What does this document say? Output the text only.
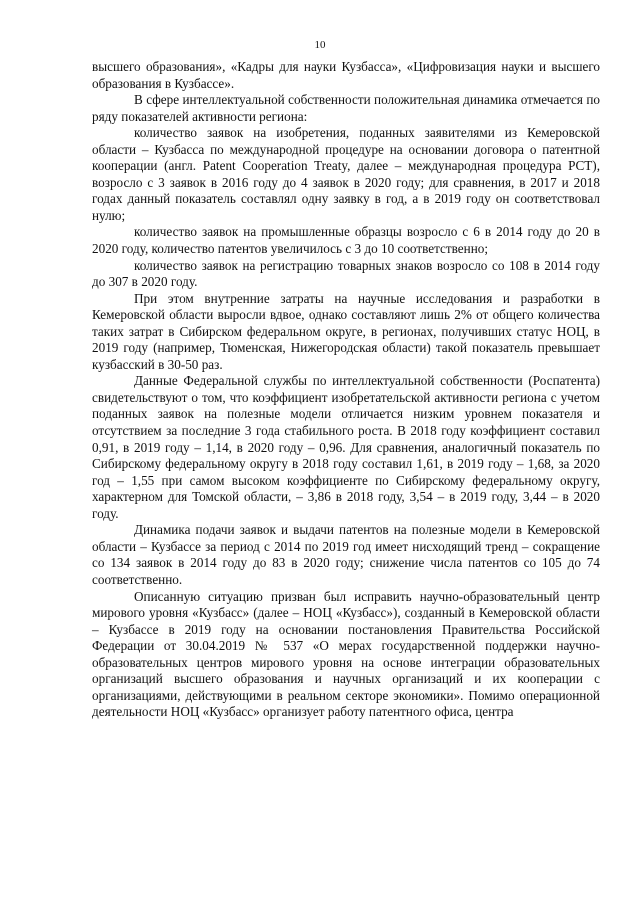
10

высшего образования», «Кадры для науки Кузбасса», «Цифровизация науки и высшего образования в Кузбассе».

В сфере интеллектуальной собственности положительная динамика отмечается по ряду показателей активности региона:

количество заявок на изобретения, поданных заявителями из Кемеровской области – Кузбасса по международной процедуре на основании договора о патентной кооперации (англ. Patent Cooperation Treaty, далее – международная процедура PCT), возросло с 3 заявок в 2016 году до 4 заявок в 2020 году; для сравнения, в 2017 и 2018 годах данный показатель составлял одну заявку в год, а в 2019 году он соответствовал нулю;

количество заявок на промышленные образцы возросло с 6 в 2014 году до 20 в 2020 году, количество патентов увеличилось с 3 до 10 соответственно;

количество заявок на регистрацию товарных знаков возросло со 108 в 2014 году до 307 в 2020 году.

При этом внутренние затраты на научные исследования и разработки в Кемеровской области выросли вдвое, однако составляют лишь 2% от общего количества таких затрат в Сибирском федеральном округе, в регионах, получивших статус НОЦ, в 2019 году (например, Тюменская, Нижегородская области) такой показатель превышает кузбасский в 30-50 раз.

Данные Федеральной службы по интеллектуальной собственности (Роспатента) свидетельствуют о том, что коэффициент изобретательской активности региона с учетом поданных заявок на полезные модели отличается низким уровнем показателя и отсутствием за последние 3 года стабильного роста. В 2018 году коэффициент составил 0,91, в 2019 году – 1,14, в 2020 году – 0,96. Для сравнения, аналогичный показатель по Сибирскому федеральному округу в 2018 году составил 1,61, в 2019 году – 1,68, за 2020 год – 1,55 при самом высоком коэффициенте по Сибирскому федеральному округу, характерном для Томской области, – 3,86 в 2018 году, 3,54 – в 2019 году, 3,44 – в 2020 году.

Динамика подачи заявок и выдачи патентов на полезные модели в Кемеровской области – Кузбассе за период с 2014 по 2019 год имеет нисходящий тренд – сокращение со 134 заявок в 2014 году до 83 в 2020 году; снижение числа патентов со 105 до 74 соответственно.

Описанную ситуацию призван был исправить научно-образовательный центр мирового уровня «Кузбасс» (далее – НОЦ «Кузбасс»), созданный в Кемеровской области – Кузбассе в 2019 году на основании постановления Правительства Российской Федерации от 30.04.2019 № 537 «О мерах государственной поддержки научно-образовательных центров мирового уровня на основе интеграции образовательных организаций высшего образования и научных организаций и их кооперации с организациями, действующими в реальном секторе экономики». Помимо операционной деятельности НОЦ «Кузбасс» организует работу патентного офиса, центра
